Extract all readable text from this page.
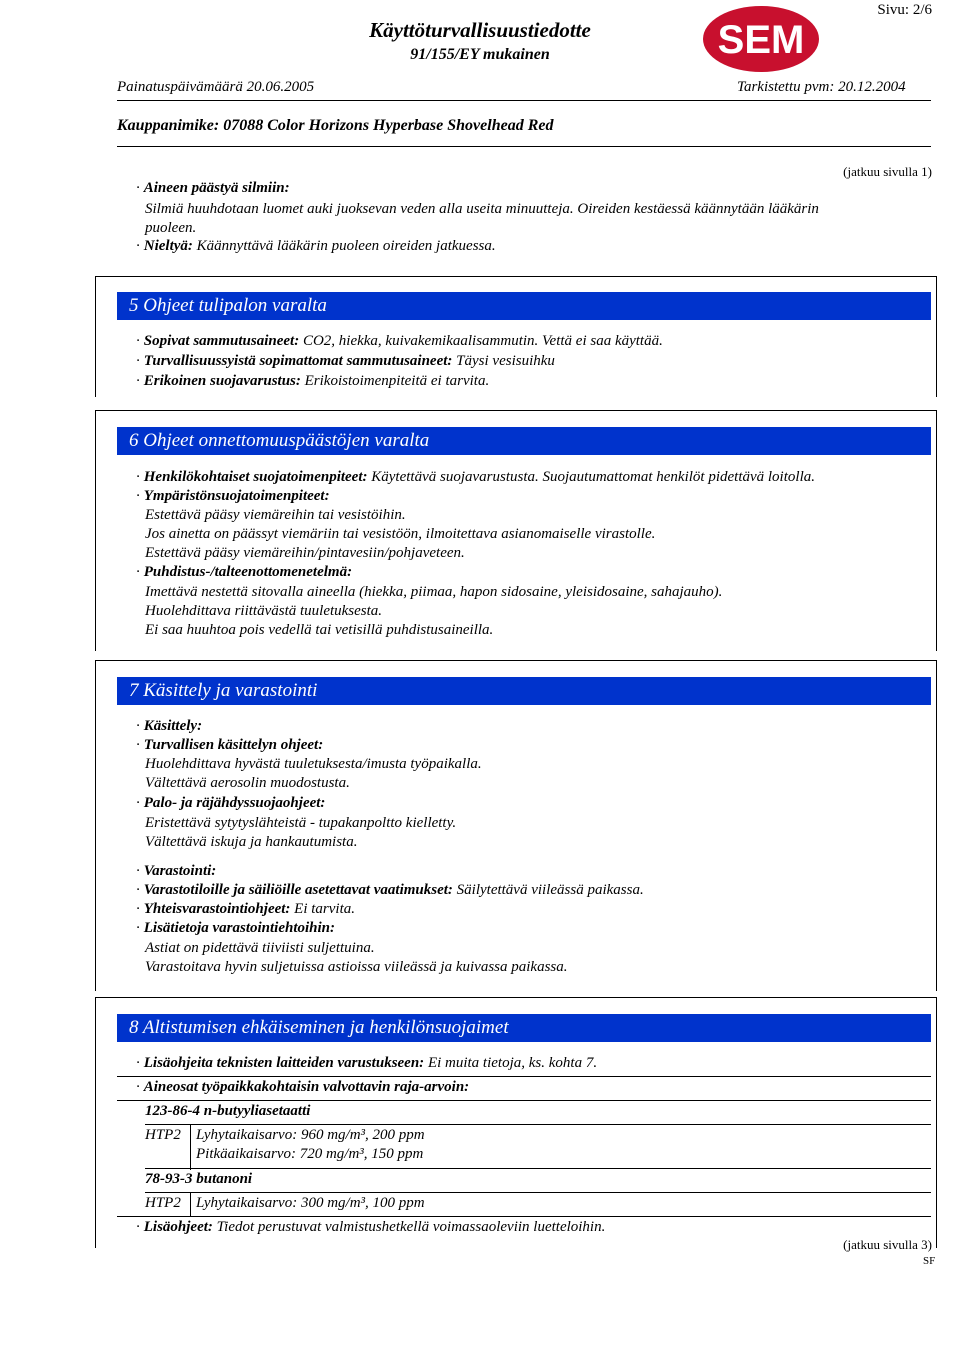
Käyttöturvallisuustiedotte
91/155/EY mukainen
Sivu: 2/6
SEM
Painatuspäivämäärä 20.06.2005	Tarkistettu pvm: 20.12.2004
Kauppanimike: 07088 Color Horizons Hyperbase Shovelhead Red
(jatkuu sivulla 1)
· Aineen päästyä silmiin:
Silmiä huuhdotaan luomet auki juoksevan veden alla useita minuutteja. Oireiden kestäessä käännytään lääkärin
puoleen.
· Nieltyä: Käännyttävä lääkärin puoleen oireiden jatkuessa.
5 Ohjeet tulipalon varalta
· Sopivat sammutusaineet: CO2, hiekka, kuivakemikaalisammutin. Vettä ei saa käyttää.
· Turvallisuussyistä sopimattomat sammutusaineet: Täysi vesisuihku
· Erikoinen suojavarustus: Erikoistoimenpiteitä ei tarvita.
6 Ohjeet onnettomuuspäästöjen varalta
· Henkilökohtaiset suojatoimenpiteet: Käytettävä suojavarustusta. Suojautumattomat henkilöt pidettävä loitolla.
· Ympäristönsuojatoimenpiteet:
Estettävä pääsy viemäreihin tai vesistöihin.
Jos ainetta on päässyt viemäriin tai vesistöön, ilmoitettava asianomaiselle virastolle.
Estettävä pääsy viemäreihin/pintavesiin/pohjaveteen.
· Puhdistus-/talteenottomenetelmä:
Imettävä nestettä sitovalla aineella (hiekka, piimaa, hapon sidosaine, yleisidosaine, sahajauho).
Huolehdittava riittävästä tuuletuksesta.
Ei saa huuhtoa pois vedellä tai vetisillä puhdistusaineilla.
7 Käsittely ja varastointi
· Käsittely:
· Turvallisen käsittelyn ohjeet:
Huolehdittava hyvästä tuuletuksesta/imusta työpaikalla.
Vältettävä aerosolin muodostusta.
· Palo- ja räjähdyssuojaohjeet:
Eristettävä sytytyslähteistä - tupakanpoltto kielletty.
Vältettävä iskuja ja hankautumista.
· Varastointi:
· Varastotiloille ja säiliöille asetettavat vaatimukset: Säilytettävä viileässä paikassa.
· Yhteisvarastointiohjeet: Ei tarvita.
· Lisätietoja varastointiehtoihin:
Astiat on pidettävä tiiviisti suljettuina.
Varastoitava hyvin suljetuissa astioissa viileässä ja kuivassa paikassa.
8 Altistumisen ehkäiseminen ja henkilönsuojaimet
· Lisäohjeita teknisten laitteiden varustukseen: Ei muita tietoja, ks. kohta 7.
· Aineosat työpaikkakohtaisin valvottavin raja-arvoin:
123-86-4 n-butyyliasetaatti
HTP2 Lyhytaikaisarvo: 960 mg/m³, 200 ppm
Pitkäaikaisarvo: 720 mg/m³, 150 ppm
78-93-3 butanoni
HTP2 Lyhytaikaisarvo: 300 mg/m³, 100 ppm
· Lisäohjeet: Tiedot perustuvat valmistushetkellä voimassaoleviin luetteloihin.
(jatkuu sivulla 3)
SF
